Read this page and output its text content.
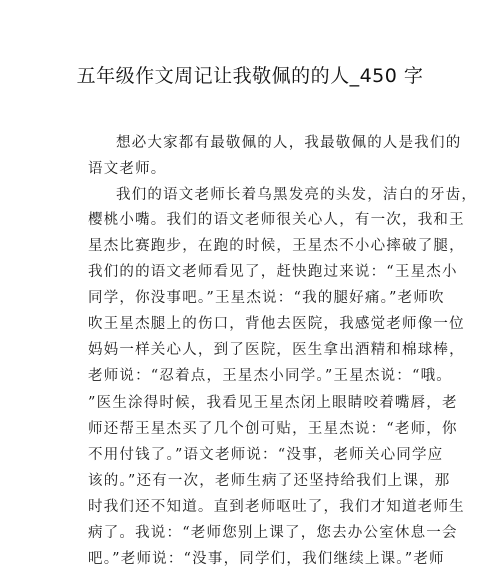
五年级作文周记让我敬佩的的人_450 字
想必大家都有最敬佩的人，我最敬佩的人是我们的
语文老师。
我们的语文老师长着乌黑发亮的头发，洁白的牙齿，
樱桃小嘴。我们的语文老师很关心人，有一次，我和王
星杰比赛跑步，在跑的时候，王星杰不小心摔破了腿，
我们的的语文老师看见了，赶快跑过来说：“王星杰小
同学，你没事吧。”王星杰说：“我的腿好痛。”老师吹
吹王星杰腿上的伤口，背他去医院，我感觉老师像一位
妈妈一样关心人，到了医院，医生拿出酒精和棉球棒，
老师说：“忍着点，王星杰小同学。”王星杰说：“哦。
”医生涂得时候，我看见王星杰闭上眼睛咬着嘴唇，老
师还帮王星杰买了几个创可贴，王星杰说：“老师，你
不用付钱了。”语文老师说：“没事，老师关心同学应
该的。”还有一次，老师生病了还坚持给我们上课，那
时我们还不知道。直到老师呕吐了，我们才知道老师生
病了。我说：“老师您别上课了，您去办公室休息一会
吧。”老师说：“没事，同学们，我们继续上课。”老师
